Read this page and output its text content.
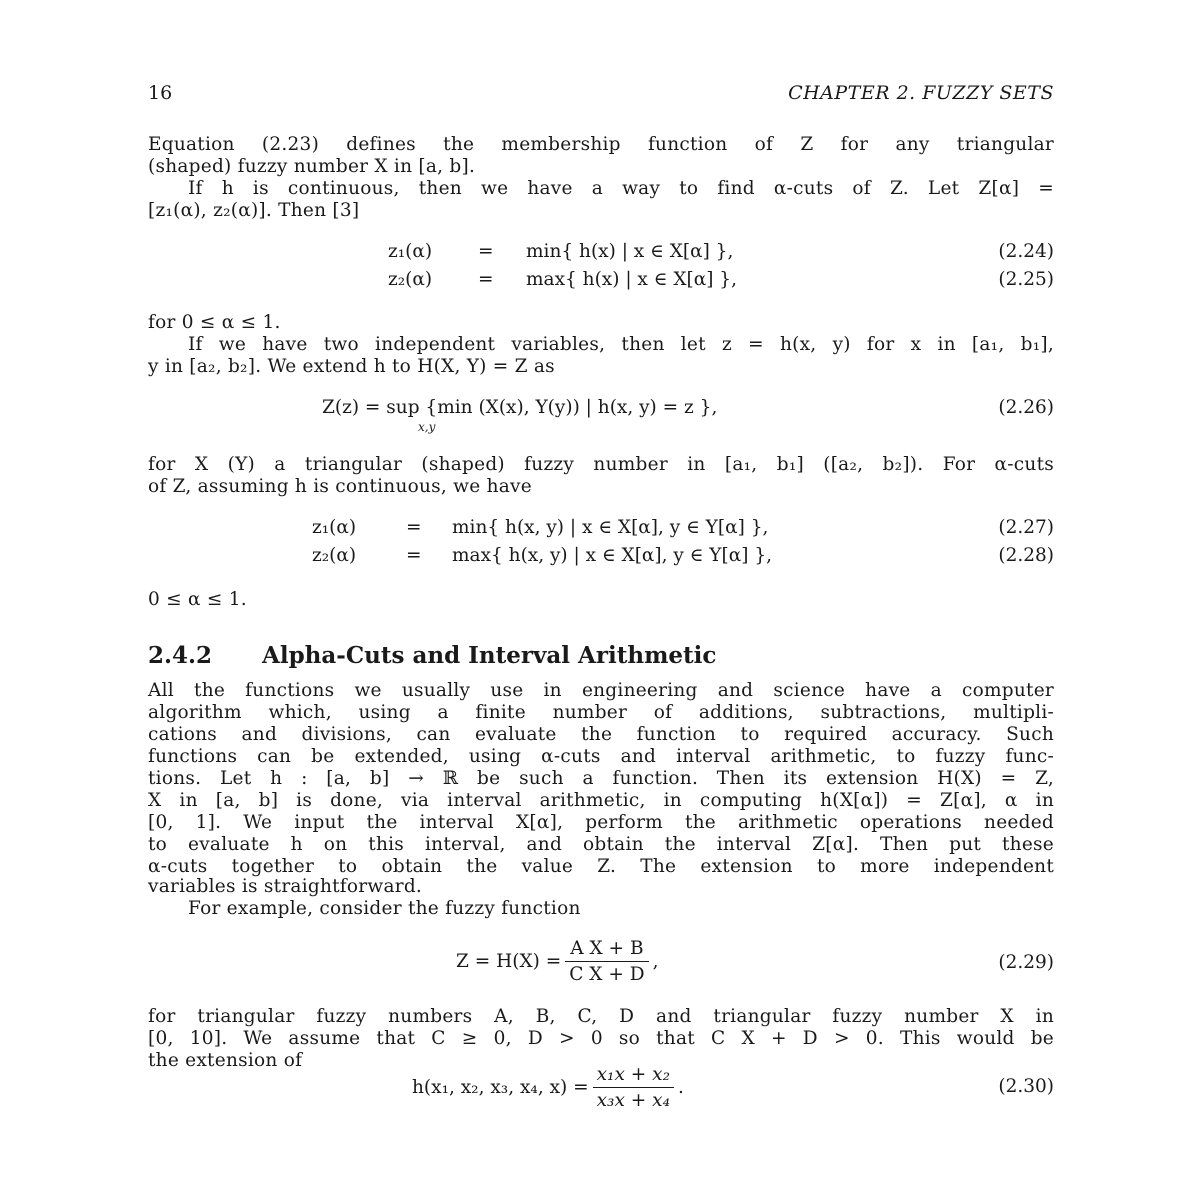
16	CHAPTER 2. FUZZY SETS
Equation (2.23) defines the membership function of Z for any triangular
(shaped) fuzzy number X in [a, b].
If h is continuous, then we have a way to find α-cuts of Z. Let Z[α] =
[z₁(α), z₂(α)]. Then [3]
z₁(α) = min{ h(x) | x ∈ X[α] },	(2.24)
z₂(α) = max{ h(x) | x ∈ X[α] },	(2.25)
for 0 ≤ α ≤ 1.
If we have two independent variables, then let z = h(x, y) for x in [a₁, b₁],
y in [a₂, b₂]. We extend h to H(X, Y) = Z as
Z(z) = sup {min (X(x), Y(y)) | h(x, y) = z },
x,y
(2.26)
for X (Y) a triangular (shaped) fuzzy number in [a₁, b₁] ([a₂, b₂]). For α-cuts
of Z, assuming h is continuous, we have
z₁(α)	= min{ h(x, y) | x ∈ X[α], y ∈ Y[α] },	(2.27)
z₂(α)	= max{ h(x, y) | x ∈ X[α], y ∈ Y[α] },	(2.28)
0 ≤ α ≤ 1.
2.4.2 Alpha-Cuts and Interval Arithmetic
All the functions we usually use in engineering and science have a computer
algorithm which, using a finite number of additions, subtractions, multipli-
cations and divisions, can evaluate the function to required accuracy. Such
functions can be extended, using α-cuts and interval arithmetic, to fuzzy func-
tions. Let h : [a, b] → ℝ be such a function. Then its extension H(X) = Z,
X in [a, b] is done, via interval arithmetic, in computing h(X[α]) = Z[α], α in
[0, 1]. We input the interval X[α], perform the arithmetic operations needed
to evaluate h on this interval, and obtain the interval Z[α]. Then put these
α-cuts together to obtain the value Z. The extension to more independent
variables is straightforward.
For example, consider the fuzzy function
$Z = H(X) = \frac{\text{A X + B}}{\text{C X + D}}$ ,	(2.29)
for triangular fuzzy numbers A, B, C, D and triangular fuzzy number X in
[0, 10]. We assume that C ≥ 0, D > 0 so that C X + D > 0. This would be
the extension of
h(x₁, x₂, x₃, x₄, $x) = \frac{\text{x₁x + x₂}}{\text{x₃x + x₄}}$ .	(2.30)
